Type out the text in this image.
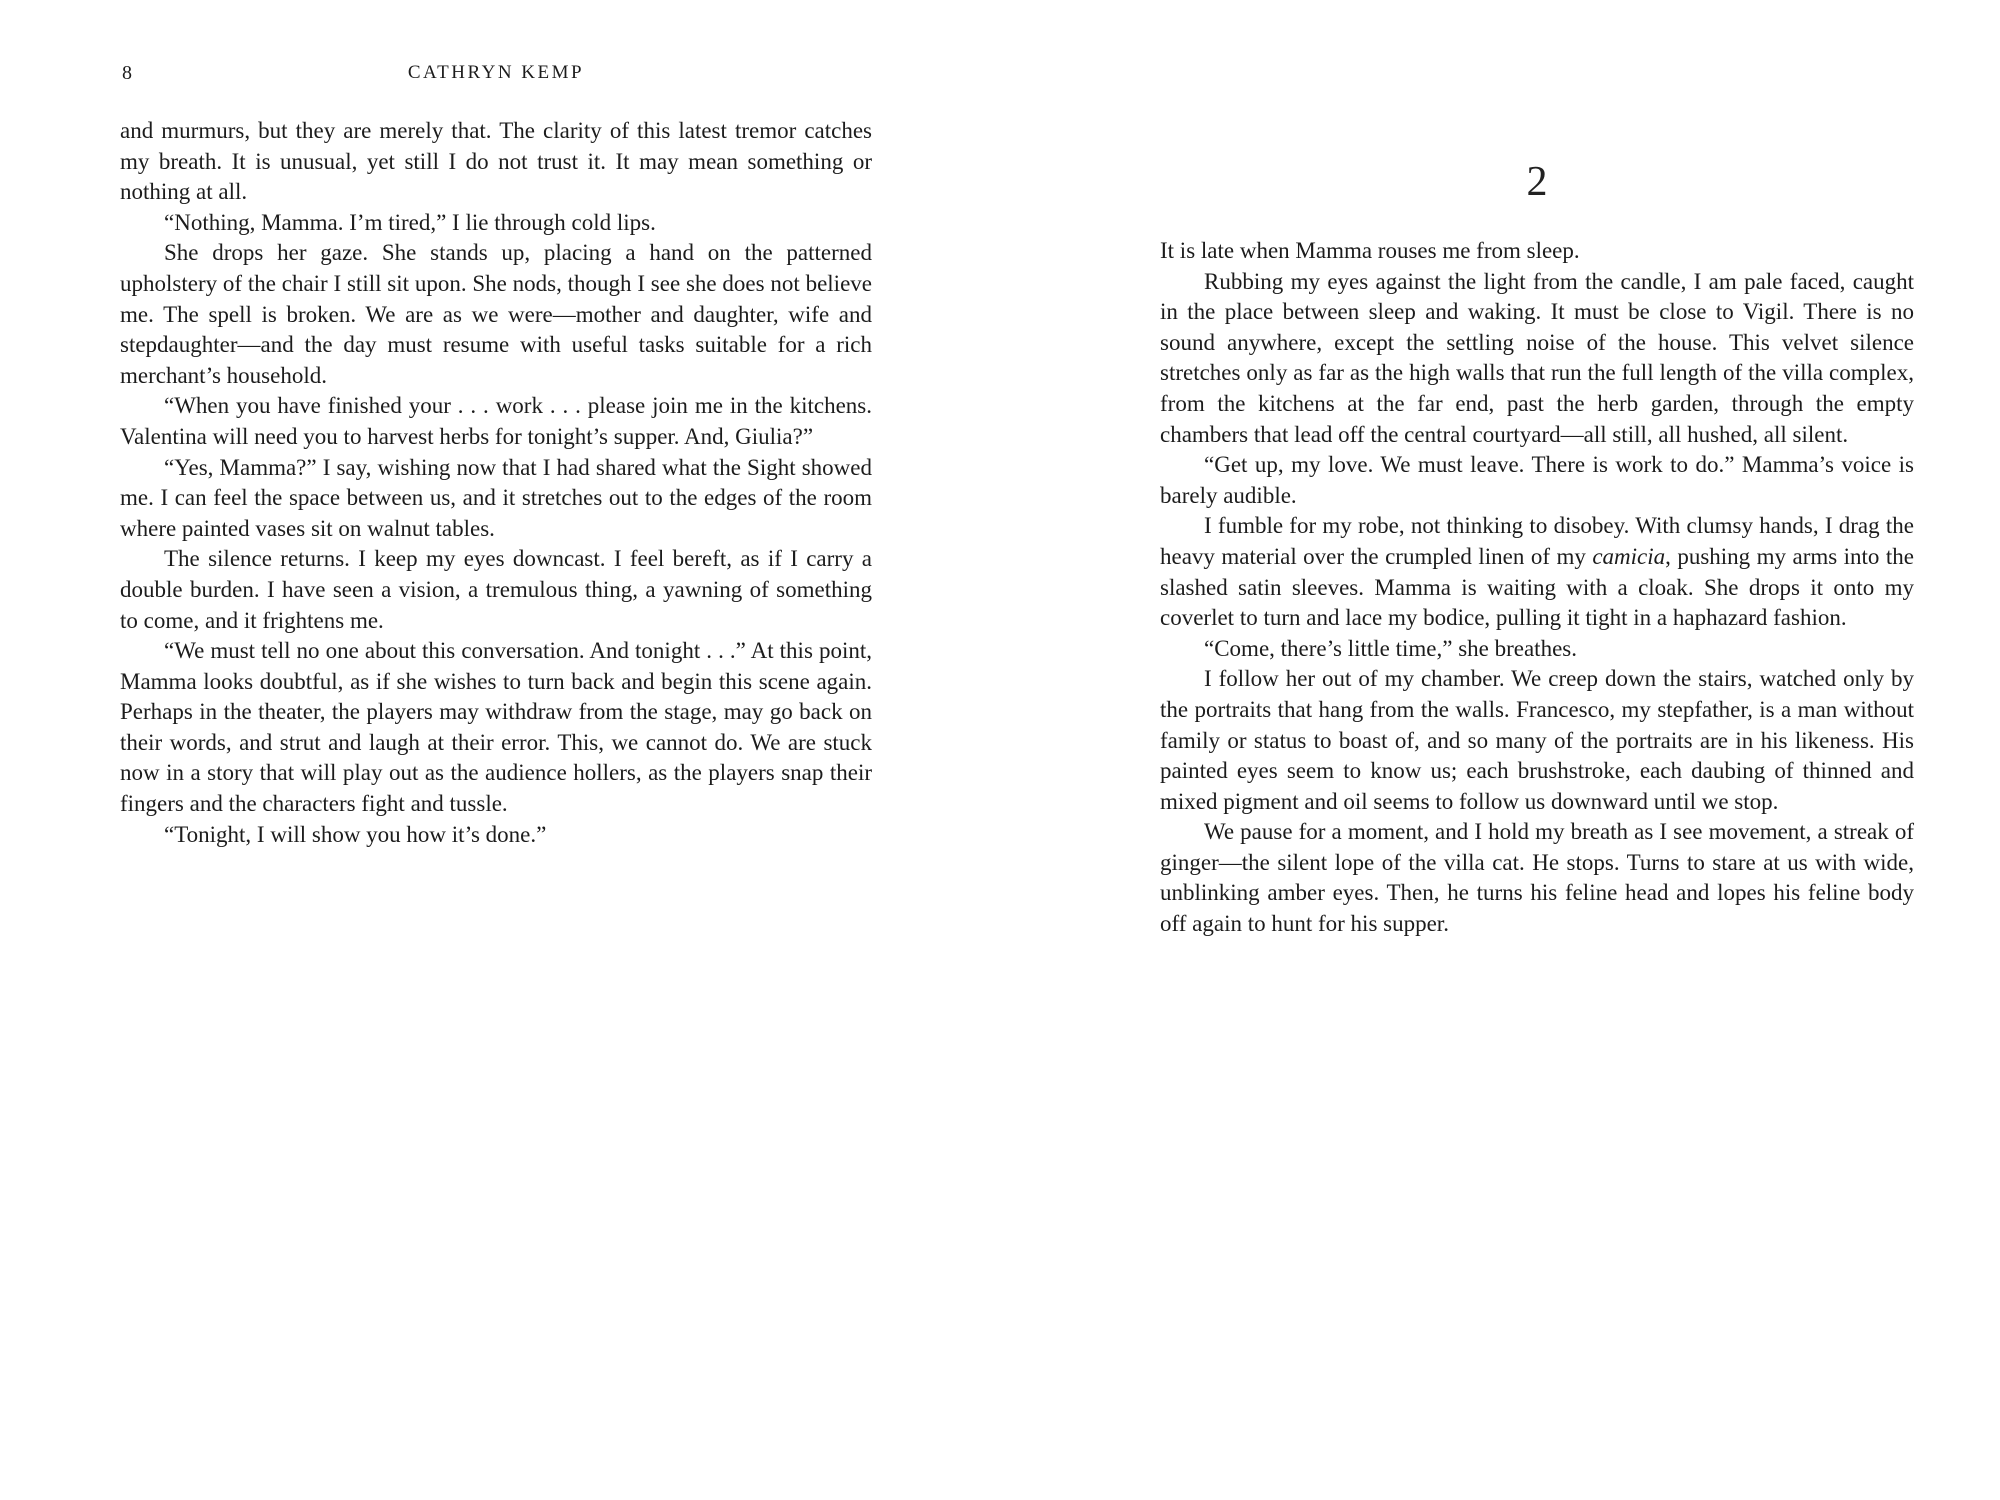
8	CATHRYN KEMP

and murmurs, but they are merely that. The clarity of this latest tremor catches my breath. It is unusual, yet still I do not trust it. It may mean something or nothing at all.

“Nothing, Mamma. I’m tired,” I lie through cold lips.

She drops her gaze. She stands up, placing a hand on the patterned upholstery of the chair I still sit upon. She nods, though I see she does not believe me. The spell is broken. We are as we were—mother and daughter, wife and stepdaughter—and the day must resume with useful tasks suitable for a rich merchant’s household.

“When you have finished your . . . work . . . please join me in the kitchens. Valentina will need you to harvest herbs for tonight’s supper. And, Giulia?”

“Yes, Mamma?” I say, wishing now that I had shared what the Sight showed me. I can feel the space between us, and it stretches out to the edges of the room where painted vases sit on walnut tables.

The silence returns. I keep my eyes downcast. I feel bereft, as if I carry a double burden. I have seen a vision, a tremulous thing, a yawning of something to come, and it frightens me.

“We must tell no one about this conversation. And tonight . . .” At this point, Mamma looks doubtful, as if she wishes to turn back and begin this scene again. Perhaps in the theater, the players may withdraw from the stage, may go back on their words, and strut and laugh at their error. This, we cannot do. We are stuck now in a story that will play out as the audience hollers, as the players snap their fingers and the characters fight and tussle.

“Tonight, I will show you how it’s done.”

2

It is late when Mamma rouses me from sleep.

Rubbing my eyes against the light from the candle, I am pale faced, caught in the place between sleep and waking. It must be close to Vigil. There is no sound anywhere, except the settling noise of the house. This velvet silence stretches only as far as the high walls that run the full length of the villa complex, from the kitchens at the far end, past the herb garden, through the empty chambers that lead off the central courtyard—all still, all hushed, all silent.

“Get up, my love. We must leave. There is work to do.” Mamma’s voice is barely audible.

I fumble for my robe, not thinking to disobey. With clumsy hands, I drag the heavy material over the crumpled linen of my camicia, pushing my arms into the slashed satin sleeves. Mamma is waiting with a cloak. She drops it onto my coverlet to turn and lace my bodice, pulling it tight in a haphazard fashion.

“Come, there’s little time,” she breathes.

I follow her out of my chamber. We creep down the stairs, watched only by the portraits that hang from the walls. Francesco, my stepfather, is a man without family or status to boast of, and so many of the portraits are in his likeness. His painted eyes seem to know us; each brushstroke, each daubing of thinned and mixed pigment and oil seems to follow us downward until we stop.

We pause for a moment, and I hold my breath as I see movement, a streak of ginger—the silent lope of the villa cat. He stops. Turns to stare at us with wide, unblinking amber eyes. Then, he turns his feline head and lopes his feline body off again to hunt for his supper.
